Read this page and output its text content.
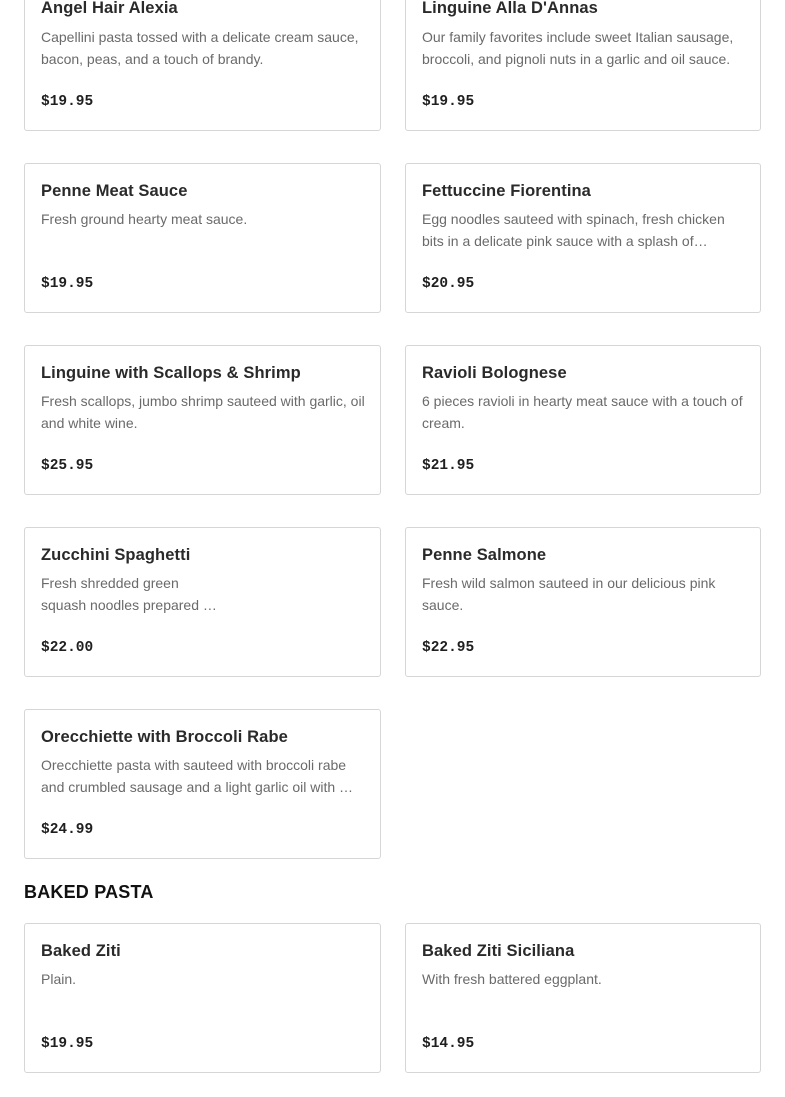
Angel Hair Alexia
Capellini pasta tossed with a delicate cream sauce, bacon, peas, and a touch of brandy.
$19.95
Linguine Alla D'Annas
Our family favorites include sweet Italian sausage, broccoli, and pignoli nuts in a garlic and oil sauce.
$19.95
Penne Meat Sauce
Fresh ground hearty meat sauce.
$19.95
Fettuccine Fiorentina
Egg noodles sauteed with spinach, fresh chicken bits in a delicate pink sauce with a splash of…
$20.95
Linguine with Scallops & Shrimp
Fresh scallops, jumbo shrimp sauteed with garlic, oil and white wine.
$25.95
Ravioli Bolognese
6 pieces ravioli in hearty meat sauce with a touch of cream.
$21.95
Zucchini Spaghetti
Fresh shredded green
squash noodles prepared …
$22.00
Penne Salmone
Fresh wild salmon sauteed in our delicious pink sauce.
$22.95
Orecchiette with Broccoli Rabe
Orecchiette pasta with sauteed with broccoli rabe and crumbled sausage and a light garlic oil with …
$24.99
BAKED PASTA
Baked Ziti
Plain.
$19.95
Baked Ziti Siciliana
With fresh battered eggplant.
$14.95
